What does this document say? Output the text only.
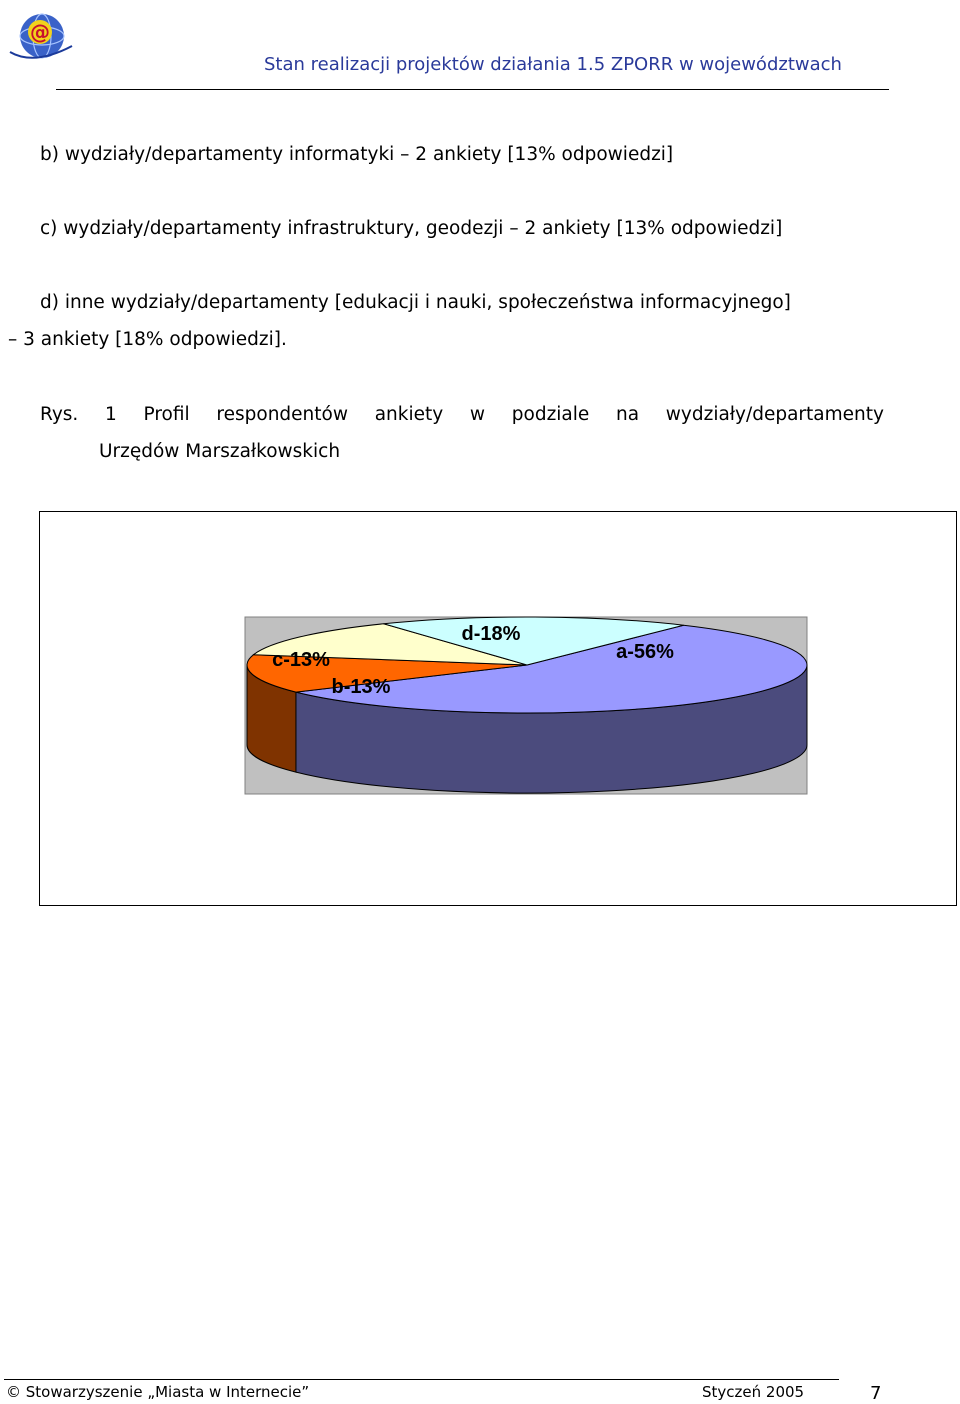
@
Stan realizacji projektów działania 1.5 ZPORR w województwach
b) wydziały/departamenty informatyki – 2 ankiety [13% odpowiedzi]
c) wydziały/departamenty infrastruktury, geodezji – 2 ankiety [13% odpowiedzi]
d) inne wydziały/departamenty [edukacji i nauki, społeczeństwa informacyjnego]
– 3 ankiety [18% odpowiedzi].
Rys. 1 Profil respondentów ankiety w podziale na wydziały/departamenty
Urzędów Marszałkowskich
a-56%
b-13%
c-13%
d-18%
© Stowarzyszenie „Miasta w Internecie”	Styczeń 2005	7
